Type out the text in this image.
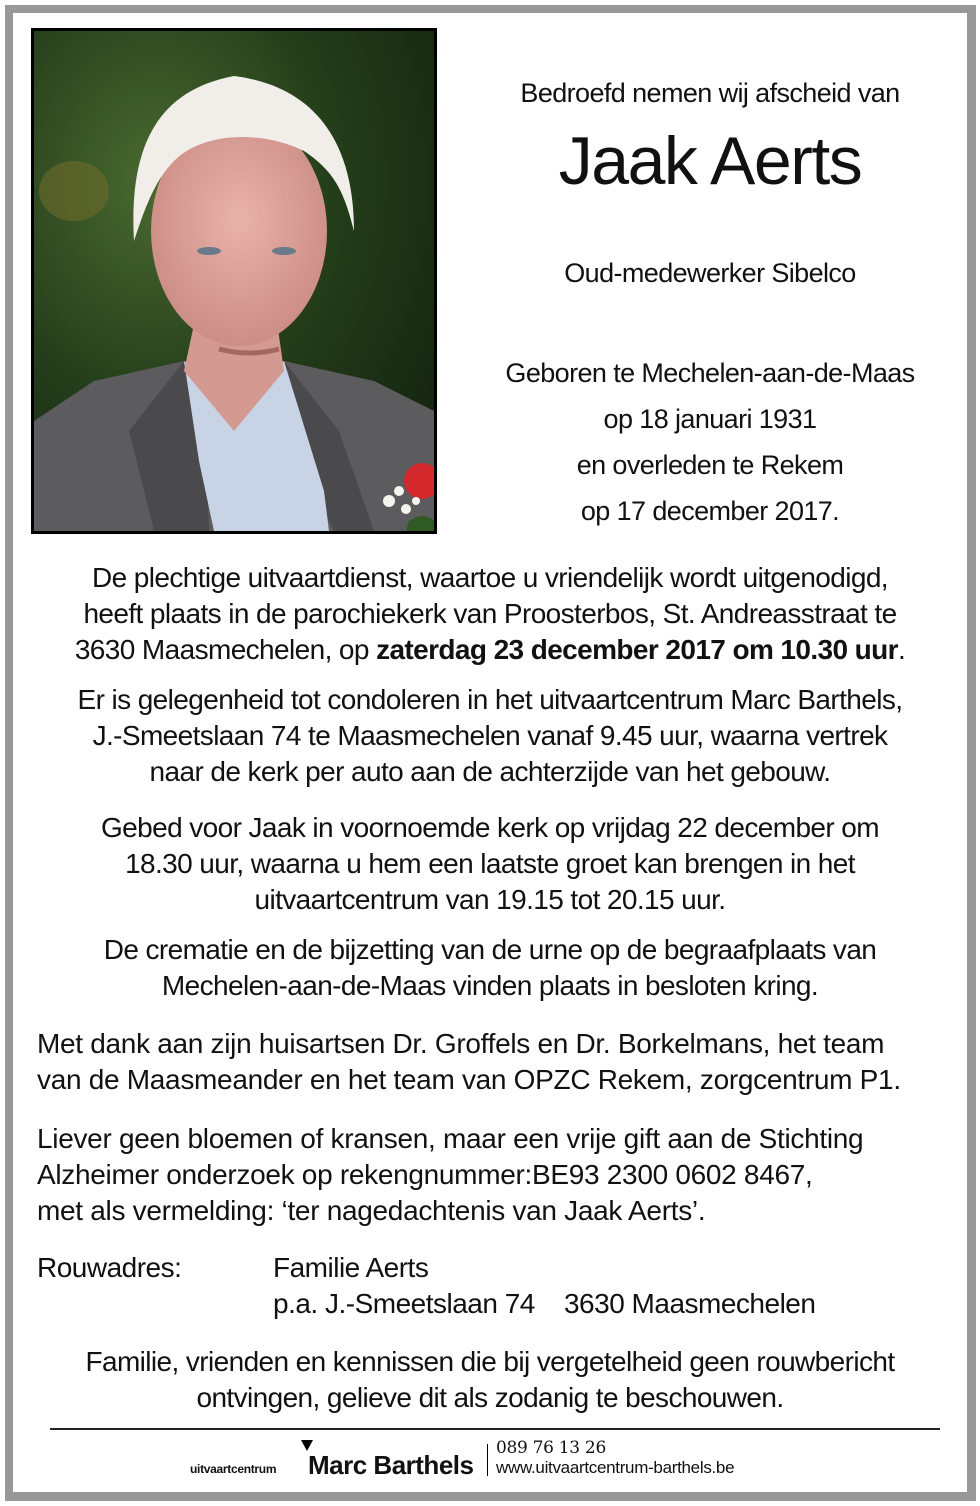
Bedroefd nemen wij afscheid van
Jaak Aerts
Oud-medewerker Sibelco
Geboren te Mechelen-aan-de-Maas
op 18 januari 1931
en overleden te Rekem
op 17 december 2017.
De plechtige uitvaartdienst, waartoe u vriendelijk wordt uitgenodigd,
heeft plaats in de parochiekerk van Proosterbos, St. Andreasstraat te
3630 Maasmechelen, op zaterdag 23 december 2017 om 10.30 uur.
Er is gelegenheid tot condoleren in het uitvaartcentrum Marc Barthels,
J.-Smeetslaan 74 te Maasmechelen vanaf 9.45 uur, waarna vertrek
naar de kerk per auto aan de achterzijde van het gebouw.
Gebed voor Jaak in voornoemde kerk op vrijdag 22 december om
18.30 uur, waarna u hem een laatste groet kan brengen in het
uitvaartcentrum van 19.15 tot 20.15 uur.
De crematie en de bijzetting van de urne op de begraafplaats van
Mechelen-aan-de-Maas vinden plaats in besloten kring.
Met dank aan zijn huisartsen Dr. Groffels en Dr. Borkelmans, het team
van de Maasmeander en het team van OPZC Rekem, zorgcentrum P1.
Liever geen bloemen of kransen, maar een vrije gift aan de Stichting
Alzheimer onderzoek op rekengnummer:BE93 2300 0602 8467,
met als vermelding: ‘ter nagedachtenis van Jaak Aerts’.
Rouwadres:	Familie Aerts
p.a. J.-Smeetslaan 74    3630 Maasmechelen
Familie, vrienden en kennissen die bij vergetelheid geen rouwbericht
ontvingen, gelieve dit als zodanig te beschouwen.
uitvaartcentrum Marc Barthels
089 76 13 26
www.uitvaartcentrum-barthels.be
